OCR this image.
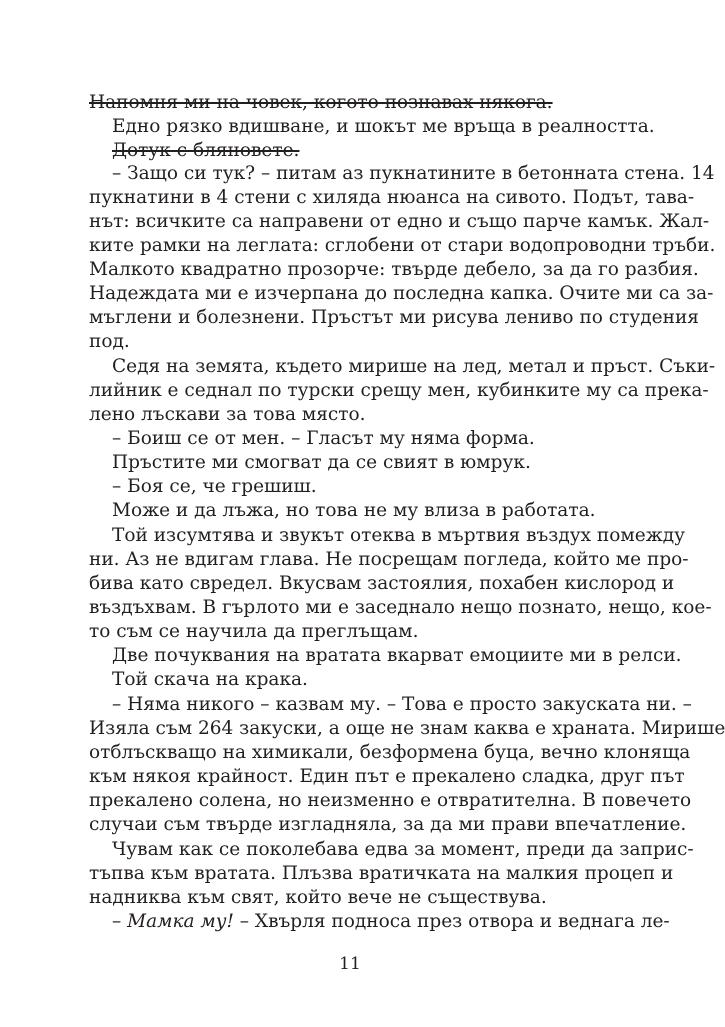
Напомня ми на човек, когото познавах някога.
Едно рязко вдишване, и шокът ме връща в реалността.
Дотук с бляновете.
– Защо си тук? – питам аз пукнатините в бетонната стена. 14
пукнатини в 4 стени с хиляда нюанса на сивото. Подът, тава-
нът: всичките са направени от едно и също парче камък. Жал-
ките рамки на леглата: сглобени от стари водопроводни тръби.
Малкото квадратно прозорче: твърде дебело, за да го разбия.
Надеждата ми е изчерпана до последна капка. Очите ми са за-
мъглени и болезнени. Пръстът ми рисува лениво по студения
под.
Седя на земята, където мирише на лед, метал и пръст. Съки-
лийник е седнал по турски срещу мен, кубинките му са прека-
лено лъскави за това място.
– Боиш се от мен. – Гласът му няма форма.
Пръстите ми смогват да се свият в юмрук.
– Боя се, че грешиш.
Може и да лъжа, но това не му влиза в работата.
Той изсумтява и звукът отеква в мъртвия въздух помежду
ни. Аз не вдигам глава. Не посрещам погледа, който ме про-
бива като свредел. Вкусвам застоялия, похабен кислород и
въздъхвам. В гърлото ми е заседнало нещо познато, нещо, кое-
то съм се научила да преглъщам.
Две почуквания на вратата вкарват емоциите ми в релси.
Той скача на крака.
– Няма никого – казвам му. – Това е просто закуската ни. –
Изяла съм 264 закуски, а още не знам каква е храната. Мирише
отблъскващо на химикали, безформена буца, вечно клоняща
към някоя крайност. Един път е прекалено сладка, друг път
прекалено солена, но неизменно е отвратителна. В повечето
случаи съм твърде изгладняла, за да ми прави впечатление.
Чувам как се поколебава едва за момент, преди да заприс-
тъпва към вратата. Плъзва вратичката на малкия процеп и
надниква към свят, който вече не съществува.
– Мамка му! – Хвърля подноса през отвора и веднага ле-
11
